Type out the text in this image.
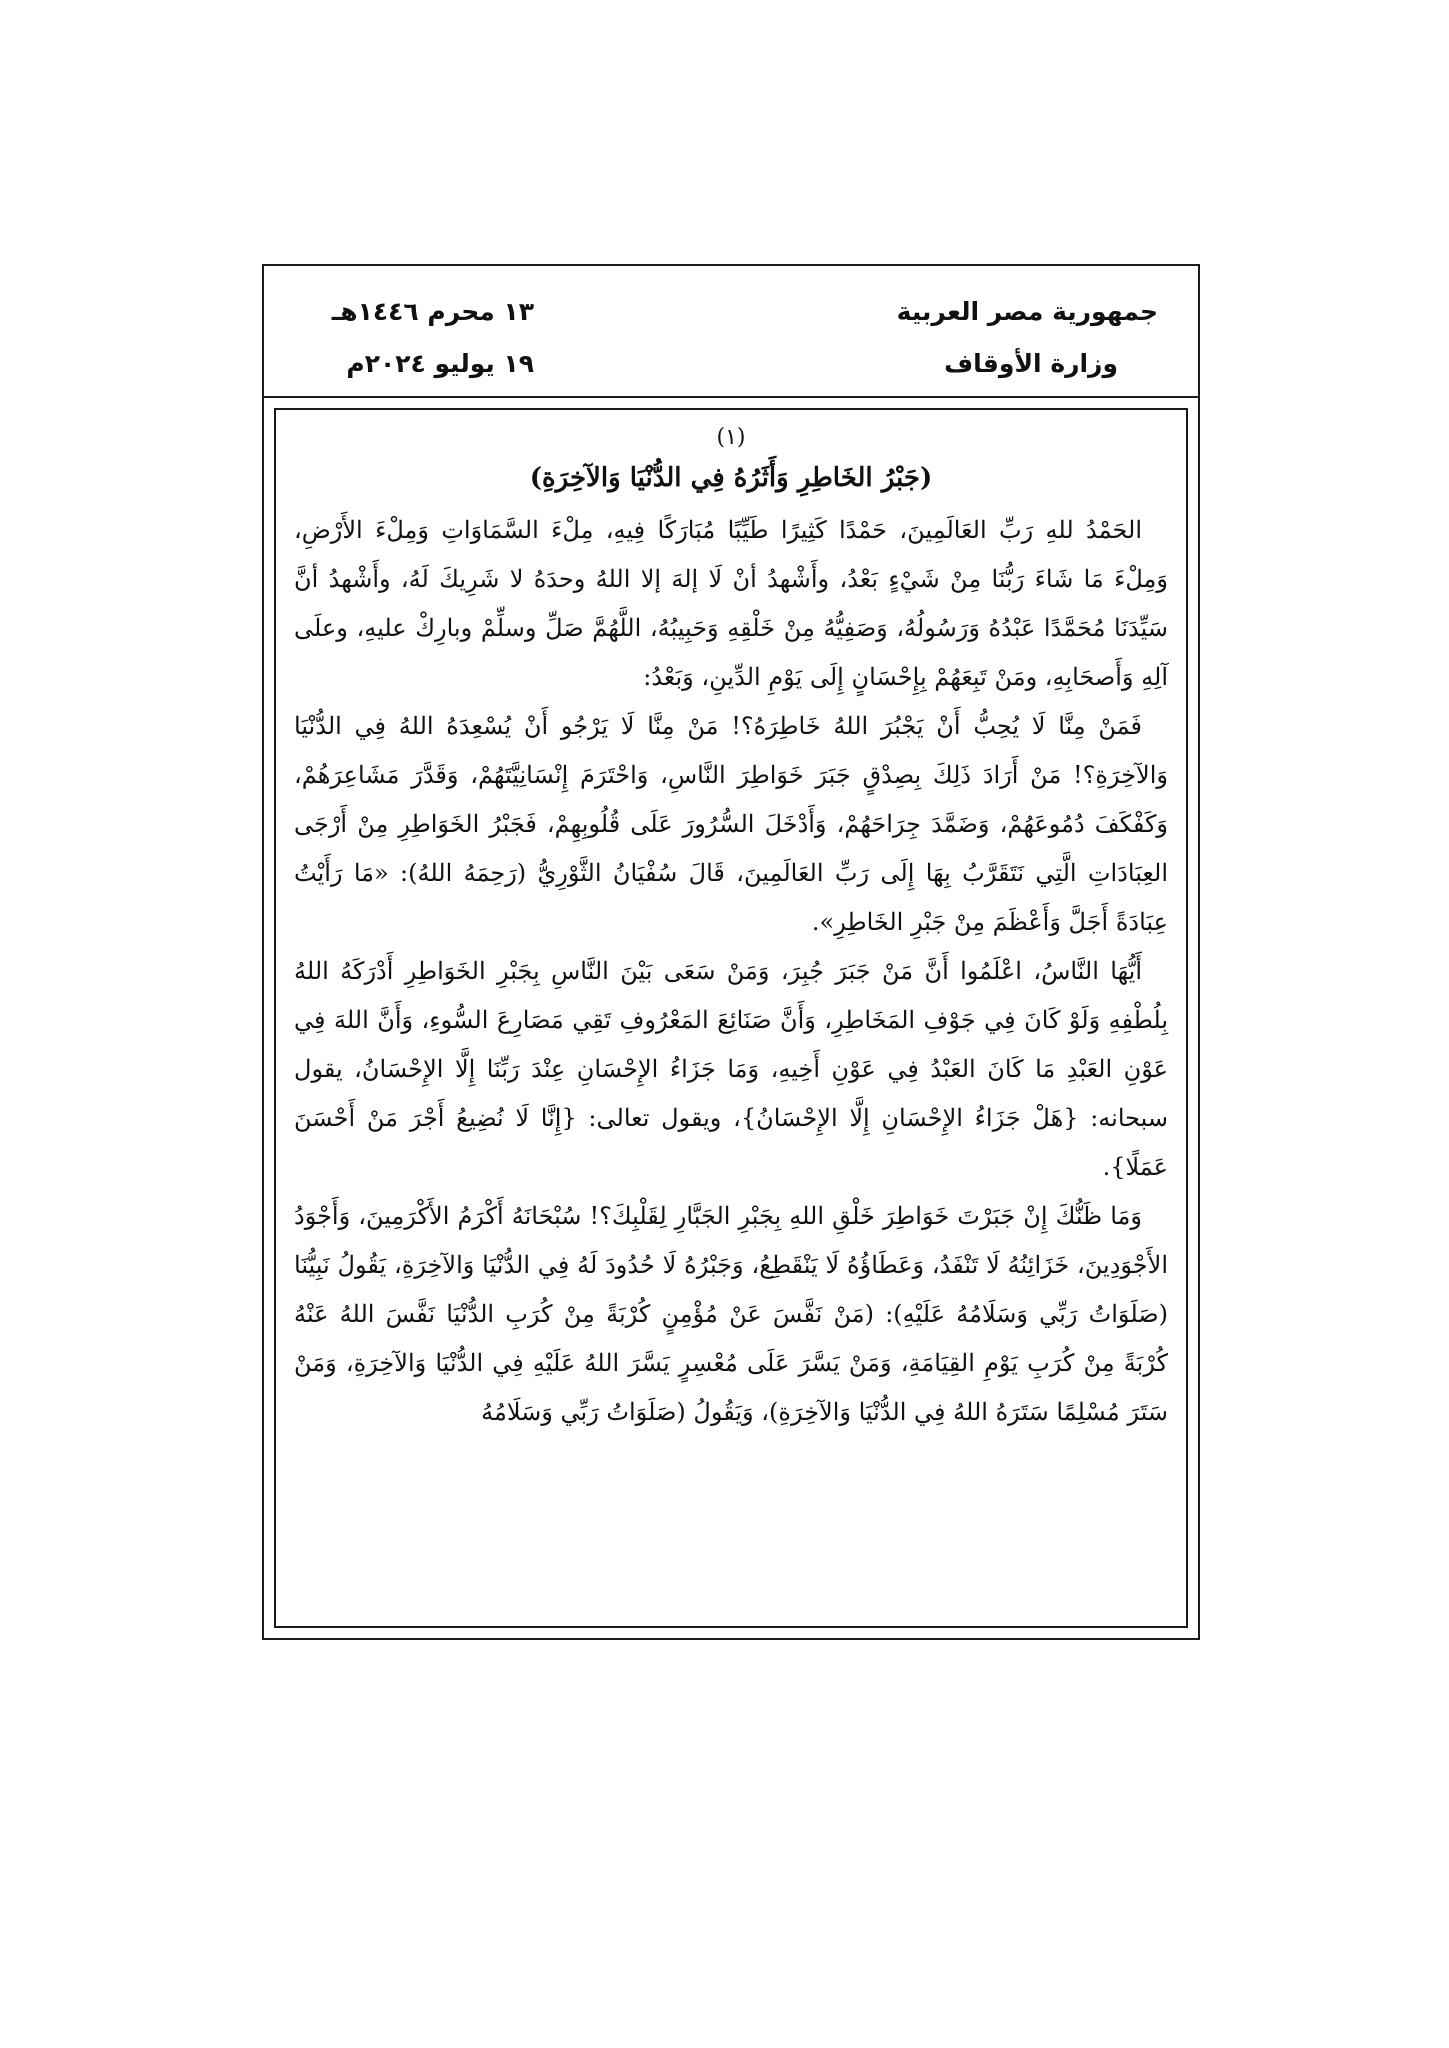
جمهورية مصر العربية
وزارة الأوقاف
١٣ محرم ١٤٤٦هـ
١٩ يوليو ٢٠٢٤م
(١)
(جَبْرُ الخَاطِرِ وَأَثَرُهُ فِي الدُّنْيَا وَالآخِرَةِ)

الحَمْدُ للهِ رَبِّ العَالَمِينَ، حَمْدًا كَثِيرًا طَيِّبًا مُبَارَكًا فِيهِ، مِلْءَ السَّمَاوَاتِ وَمِلْءَ الأَرْضِ، وَمِلْءَ مَا شَاءَ رَبُّنَا مِنْ شَيْءٍ بَعْدُ، وأَشْهدُ أنْ لَا إلهَ إلا اللهُ وحدَهُ لا شَرِيكَ لَهُ، وأَشْهدُ أنَّ سَيِّدَنَا مُحَمَّدًا عَبْدُهُ وَرَسُولُهُ، وَصَفِيُّهُ مِنْ خَلْقِهِ وَحَبِيبُهُ، اللَّهُمَّ صَلِّ وسلِّمْ وبارِكْ عليهِ، وعلَى آلِهِ وَأَصحَابِهِ، ومَنْ تَبِعَهُمْ بِإِحْسَانٍ إِلَى يَوْمِ الدِّينِ، وَبَعْدُ:

فَمَنْ مِنَّا لَا يُحِبُّ أَنْ يَجْبُرَ اللهُ خَاطِرَهُ؟! مَنْ مِنَّا لَا يَرْجُو أَنْ يُسْعِدَهُ اللهُ فِي الدُّنْيَا وَالآخِرَةِ؟! مَنْ أَرَادَ ذَلِكَ بِصِدْقٍ جَبَرَ خَوَاطِرَ النَّاسِ، وَاحْتَرَمَ إِنْسَانِيَّتَهُمْ، وَقَدَّرَ مَشَاعِرَهُمْ، وَكَفْكَفَ دُمُوعَهُمْ، وَضَمَّدَ جِرَاحَهُمْ، وَأَدْخَلَ السُّرُورَ عَلَى قُلُوبِهِمْ، فَجَبْرُ الخَوَاطِرِ مِنْ أَرْجَى العِبَادَاتِ الَّتِي نَتَقَرَّبُ بِهَا إِلَى رَبِّ العَالَمِينَ، قَالَ سُفْيَانُ الثَّوْرِيُّ (رَحِمَهُ اللهُ): «مَا رَأَيْتُ عِبَادَةً أَجَلَّ وَأَعْظَمَ مِنْ جَبْرِ الخَاطِرِ».

أَيُّهَا النَّاسُ، اعْلَمُوا أَنَّ مَنْ جَبَرَ جُبِرَ، وَمَنْ سَعَى بَيْنَ النَّاسِ بِجَبْرِ الخَوَاطِرِ أَدْرَكَهُ اللهُ بِلُطْفِهِ وَلَوْ كَانَ فِي جَوْفِ المَخَاطِرِ، وَأَنَّ صَنَائِعَ المَعْرُوفِ تَقِي مَصَارِعَ السُّوءِ، وَأَنَّ اللهَ فِي عَوْنِ العَبْدِ مَا كَانَ العَبْدُ فِي عَوْنِ أَخِيهِ، وَمَا جَزَاءُ الإِحْسَانِ عِنْدَ رَبِّنَا إِلَّا الإِحْسَانُ، يقول سبحانه: {هَلْ جَزَاءُ الإِحْسَانِ إِلَّا الإِحْسَانُ}، ويقول تعالى: {إِنَّا لَا نُضِيعُ أَجْرَ مَنْ أَحْسَنَ عَمَلًا}.

وَمَا ظَنُّكَ إِنْ جَبَرْتَ خَوَاطِرَ خَلْقِ اللهِ بِجَبْرِ الجَبَّارِ لِقَلْبِكَ؟! سُبْحَانَهُ أَكْرَمُ الأَكْرَمِينَ، وَأَجْوَدُ الأَجْوَدِينَ، خَزَائِنُهُ لَا تَنْفَدُ، وَعَطَاؤُهُ لَا يَنْقَطِعُ، وَجَبْرُهُ لَا حُدُودَ لَهُ فِي الدُّنْيَا وَالآخِرَةِ، يَقُولُ نَبِيُّنَا (صَلَوَاتُ رَبِّي وَسَلَامُهُ عَلَيْهِ): (مَنْ نَفَّسَ عَنْ مُؤْمِنٍ كُرْبَةً مِنْ كُرَبِ الدُّنْيَا نَفَّسَ اللهُ عَنْهُ كُرْبَةً مِنْ كُرَبِ يَوْمِ القِيَامَةِ، وَمَنْ يَسَّرَ عَلَى مُعْسِرٍ يَسَّرَ اللهُ عَلَيْهِ فِي الدُّنْيَا وَالآخِرَةِ، وَمَنْ سَتَرَ مُسْلِمًا سَتَرَهُ اللهُ فِي الدُّنْيَا وَالآخِرَةِ)، وَيَقُولُ (صَلَوَاتُ رَبِّي وَسَلَامُهُ
